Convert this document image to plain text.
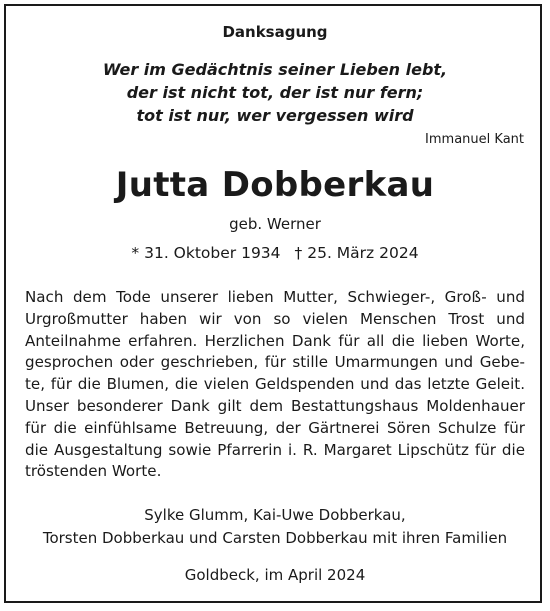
Danksagung
Wer im Gedächtnis seiner Lieben lebt,
der ist nicht tot, der ist nur fern;
tot ist nur, wer vergessen wird
Immanuel Kant
Jutta Dobberkau
geb. Werner
* 31. Oktober 1934 † 25. März 2024
Nach dem Tode unserer lieben Mutter, Schwieger-, Groß- und
Urgroßmutter haben wir von so vielen Menschen Trost und
Anteilnahme erfahren. Herzlichen Dank für all die lieben Worte,
gesprochen oder geschrieben, für stille Umarmungen und Gebe-
te, für die Blumen, die vielen Geldspenden und das letzte Geleit.
Unser besonderer Dank gilt dem Bestattungshaus Moldenhauer
für die einfühlsame Betreuung, der Gärtnerei Sören Schulze für
die Ausgestaltung sowie Pfarrerin i. R. Margaret Lipschütz für die
tröstenden Worte.
Sylke Glumm, Kai-Uwe Dobberkau,
Torsten Dobberkau und Carsten Dobberkau mit ihren Familien
Goldbeck, im April 2024
